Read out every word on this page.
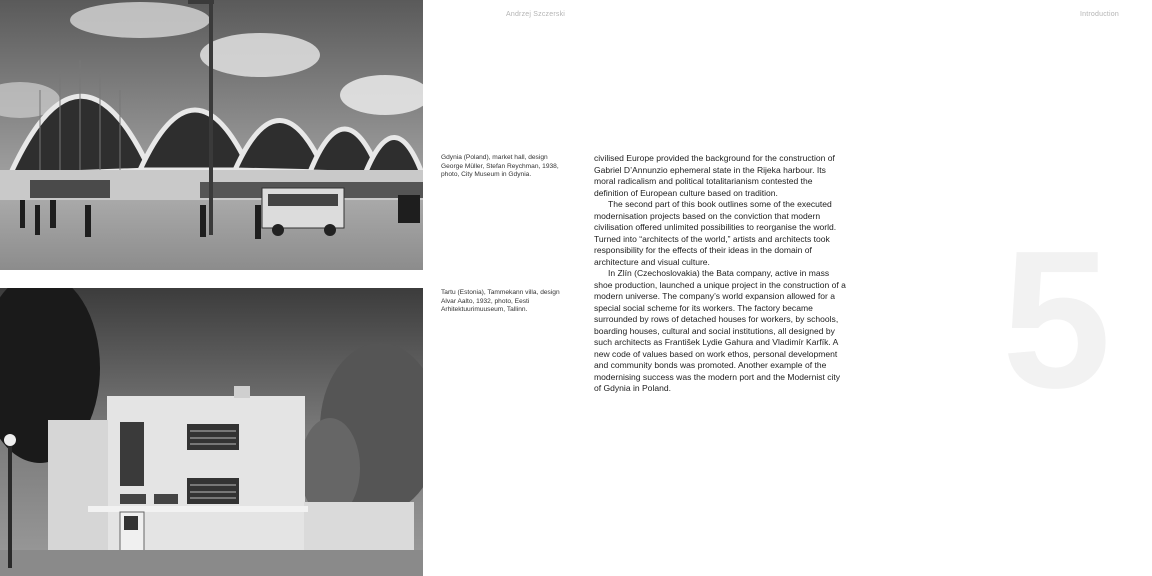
Andrzej Szczerski	Introduction
Gdynia (Poland), market hall, design George Müller, Stefan Reychman, 1938, photo, City Museum in Gdynia.
Tartu (Estonia), Tammekann villa, design Alvar Aalto, 1932, photo, Eesti Arhitektuurimuuseum, Tallinn. 5

civilised Europe provided the background for the construction of Gabriel D’Annunzio ephemeral state in the Rijeka harbour. Its moral radicalism and political totalitarianism contested the definition of European culture based on tradition.

The second part of this book outlines some of the executed modernisation projects based on the conviction that modern civilisation offered unlimited possibilities to reorganise the world. Turned into “architects of the world,” artists and architects took responsibility for the effects of their ideas in the domain of architecture and visual culture.

In Zlín (Czechoslovakia) the Bata company, active in mass shoe production, launched a unique project in the construction of a modern universe. The company’s world expansion allowed for a special social scheme for its workers. The factory became surrounded by rows of detached houses for workers, by schools, boarding houses, cultural and social institutions, all designed by such architects as František Lydie Gahura and Vladimír Karfík. A new code of values based on work ethos, personal development and community bonds was promoted. Another example of the modernising success was the modern port and the Modernist city of Gdynia in Poland.
